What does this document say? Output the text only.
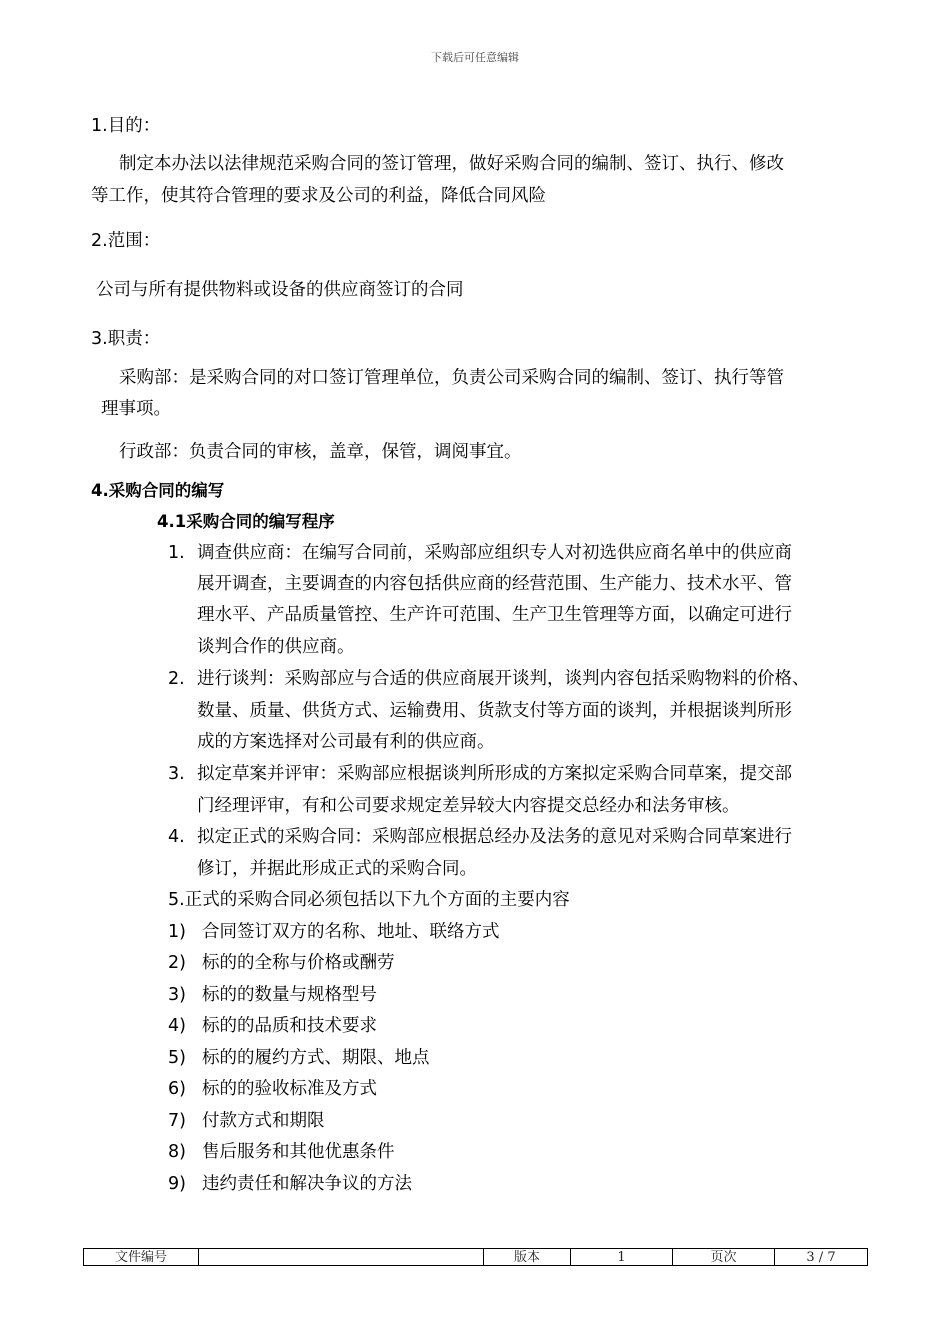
下载后可任意编辑
1.目的：
制定本办法以法律规范采购合同的签订管理，做好采购合同的编制、签订、执行、修改
等工作，使其符合管理的要求及公司的利益，降低合同风险
2.范围：
公司与所有提供物料或设备的供应商签订的合同
3.职责：
采购部：是采购合同的对口签订管理单位，负责公司采购合同的编制、签订、执行等管
理事项。
行政部：负责合同的审核，盖章，保管，调阅事宜。
4.采购合同的编写
4.1采购合同的编写程序
1. 调查供应商：在编写合同前，采购部应组织专人对初选供应商名单中的供应商
展开调查，主要调查的内容包括供应商的经营范围、生产能力、技术水平、管
理水平、产品质量管控、生产许可范围、生产卫生管理等方面，以确定可进行
谈判合作的供应商。
2. 进行谈判：采购部应与合适的供应商展开谈判，谈判内容包括采购物料的价格、
数量、质量、供货方式、运输费用、货款支付等方面的谈判，并根据谈判所形
成的方案选择对公司最有利的供应商。
3. 拟定草案并评审：采购部应根据谈判所形成的方案拟定采购合同草案，提交部
门经理评审，有和公司要求规定差异较大内容提交总经办和法务审核。
4. 拟定正式的采购合同：采购部应根据总经办及法务的意见对采购合同草案进行
修订，并据此形成正式的采购合同。
5.正式的采购合同必须包括以下九个方面的主要内容
1) 合同签订双方的名称、地址、联络方式
2) 标的的全称与价格或酬劳
3) 标的的数量与规格型号
4) 标的的品质和技术要求
5) 标的的履约方式、期限、地点
6) 标的的验收标准及方式
7) 付款方式和期限
8) 售后服务和其他优惠条件
9) 违约责任和解决争议的方法
文件编号		版本	1	页次	3 / 7
